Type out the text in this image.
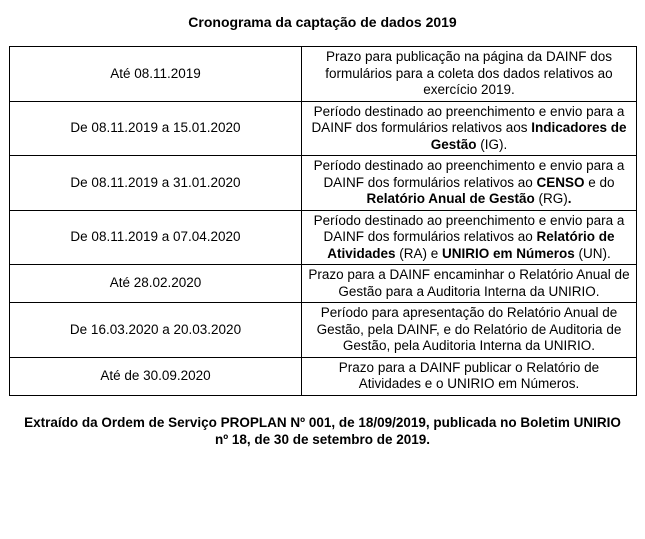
Cronograma da captação de dados 2019
Até 08.11.2019	Prazo para publicação na página da DAINF dos formulários para a coleta dos dados relativos ao exercício 2019.
De 08.11.2019 a 15.01.2020	Período destinado ao preenchimento e envio para a DAINF dos formulários relativos aos Indicadores de Gestão (IG).
De 08.11.2019 a 31.01.2020	Período destinado ao preenchimento e envio para a DAINF dos formulários relativos ao CENSO e do Relatório Anual de Gestão (RG).
De 08.11.2019 a 07.04.2020	Período destinado ao preenchimento e envio para a DAINF dos formulários relativos ao Relatório de Atividades (RA) e UNIRIO em Números (UN).
Até 28.02.2020	Prazo para a DAINF encaminhar o Relatório Anual de Gestão para a Auditoria Interna da UNIRIO.
De 16.03.2020 a 20.03.2020	Período para apresentação do Relatório Anual de Gestão, pela DAINF, e do Relatório de Auditoria de Gestão, pela Auditoria Interna da UNIRIO.
Até de 30.09.2020	Prazo para a DAINF publicar o Relatório de Atividades e o UNIRIO em Números.
Extraído da Ordem de Serviço PROPLAN Nº 001, de 18/09/2019, publicada no Boletim UNIRIO nº 18, de 30 de setembro de 2019.
